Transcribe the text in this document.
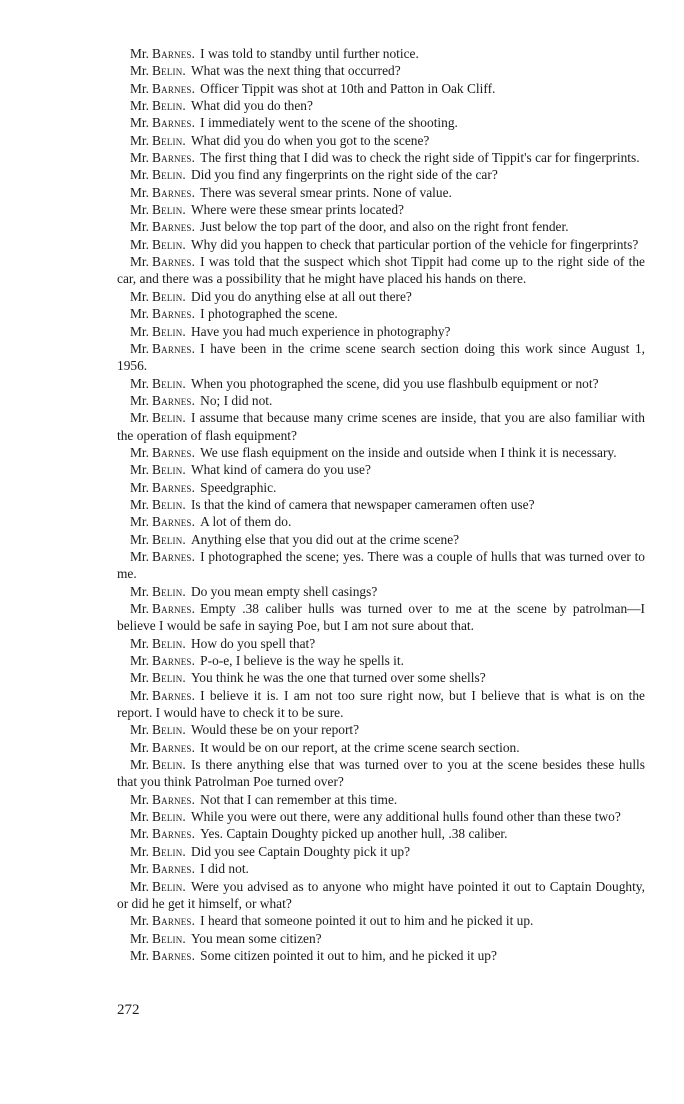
Mr. Barnes. I was told to standby until further notice.

Mr. Belin. What was the next thing that occurred?

Mr. Barnes. Officer Tippit was shot at 10th and Patton in Oak Cliff.

Mr. Belin. What did you do then?

Mr. Barnes. I immediately went to the scene of the shooting.

Mr. Belin. What did you do when you got to the scene?

Mr. Barnes. The first thing that I did was to check the right side of Tippit's car for fingerprints.

Mr. Belin. Did you find any fingerprints on the right side of the car?

Mr. Barnes. There was several smear prints. None of value.

Mr. Belin. Where were these smear prints located?

Mr. Barnes. Just below the top part of the door, and also on the right front fender.

Mr. Belin. Why did you happen to check that particular portion of the vehicle for fingerprints?

Mr. Barnes. I was told that the suspect which shot Tippit had come up to the right side of the car, and there was a possibility that he might have placed his hands on there.

Mr. Belin. Did you do anything else at all out there?

Mr. Barnes. I photographed the scene.

Mr. Belin. Have you had much experience in photography?

Mr. Barnes. I have been in the crime scene search section doing this work since August 1, 1956.

Mr. Belin. When you photographed the scene, did you use flashbulb equipment or not?

Mr. Barnes. No; I did not.

Mr. Belin. I assume that because many crime scenes are inside, that you are also familiar with the operation of flash equipment?

Mr. Barnes. We use flash equipment on the inside and outside when I think it is necessary.

Mr. Belin. What kind of camera do you use?

Mr. Barnes. Speedgraphic.

Mr. Belin. Is that the kind of camera that newspaper cameramen often use?

Mr. Barnes. A lot of them do.

Mr. Belin. Anything else that you did out at the crime scene?

Mr. Barnes. I photographed the scene; yes. There was a couple of hulls that was turned over to me.

Mr. Belin. Do you mean empty shell casings?

Mr. Barnes. Empty .38 caliber hulls was turned over to me at the scene by patrolman—I believe I would be safe in saying Poe, but I am not sure about that.

Mr. Belin. How do you spell that?

Mr. Barnes. P-o-e, I believe is the way he spells it.

Mr. Belin. You think he was the one that turned over some shells?

Mr. Barnes. I believe it is. I am not too sure right now, but I believe that is what is on the report. I would have to check it to be sure.

Mr. Belin. Would these be on your report?

Mr. Barnes. It would be on our report, at the crime scene search section.

Mr. Belin. Is there anything else that was turned over to you at the scene besides these hulls that you think Patrolman Poe turned over?

Mr. Barnes. Not that I can remember at this time.

Mr. Belin. While you were out there, were any additional hulls found other than these two?

Mr. Barnes. Yes. Captain Doughty picked up another hull, .38 caliber.

Mr. Belin. Did you see Captain Doughty pick it up?

Mr. Barnes. I did not.

Mr. Belin. Were you advised as to anyone who might have pointed it out to Captain Doughty, or did he get it himself, or what?

Mr. Barnes. I heard that someone pointed it out to him and he picked it up.

Mr. Belin. You mean some citizen?

Mr. Barnes. Some citizen pointed it out to him, and he picked it up?

272
